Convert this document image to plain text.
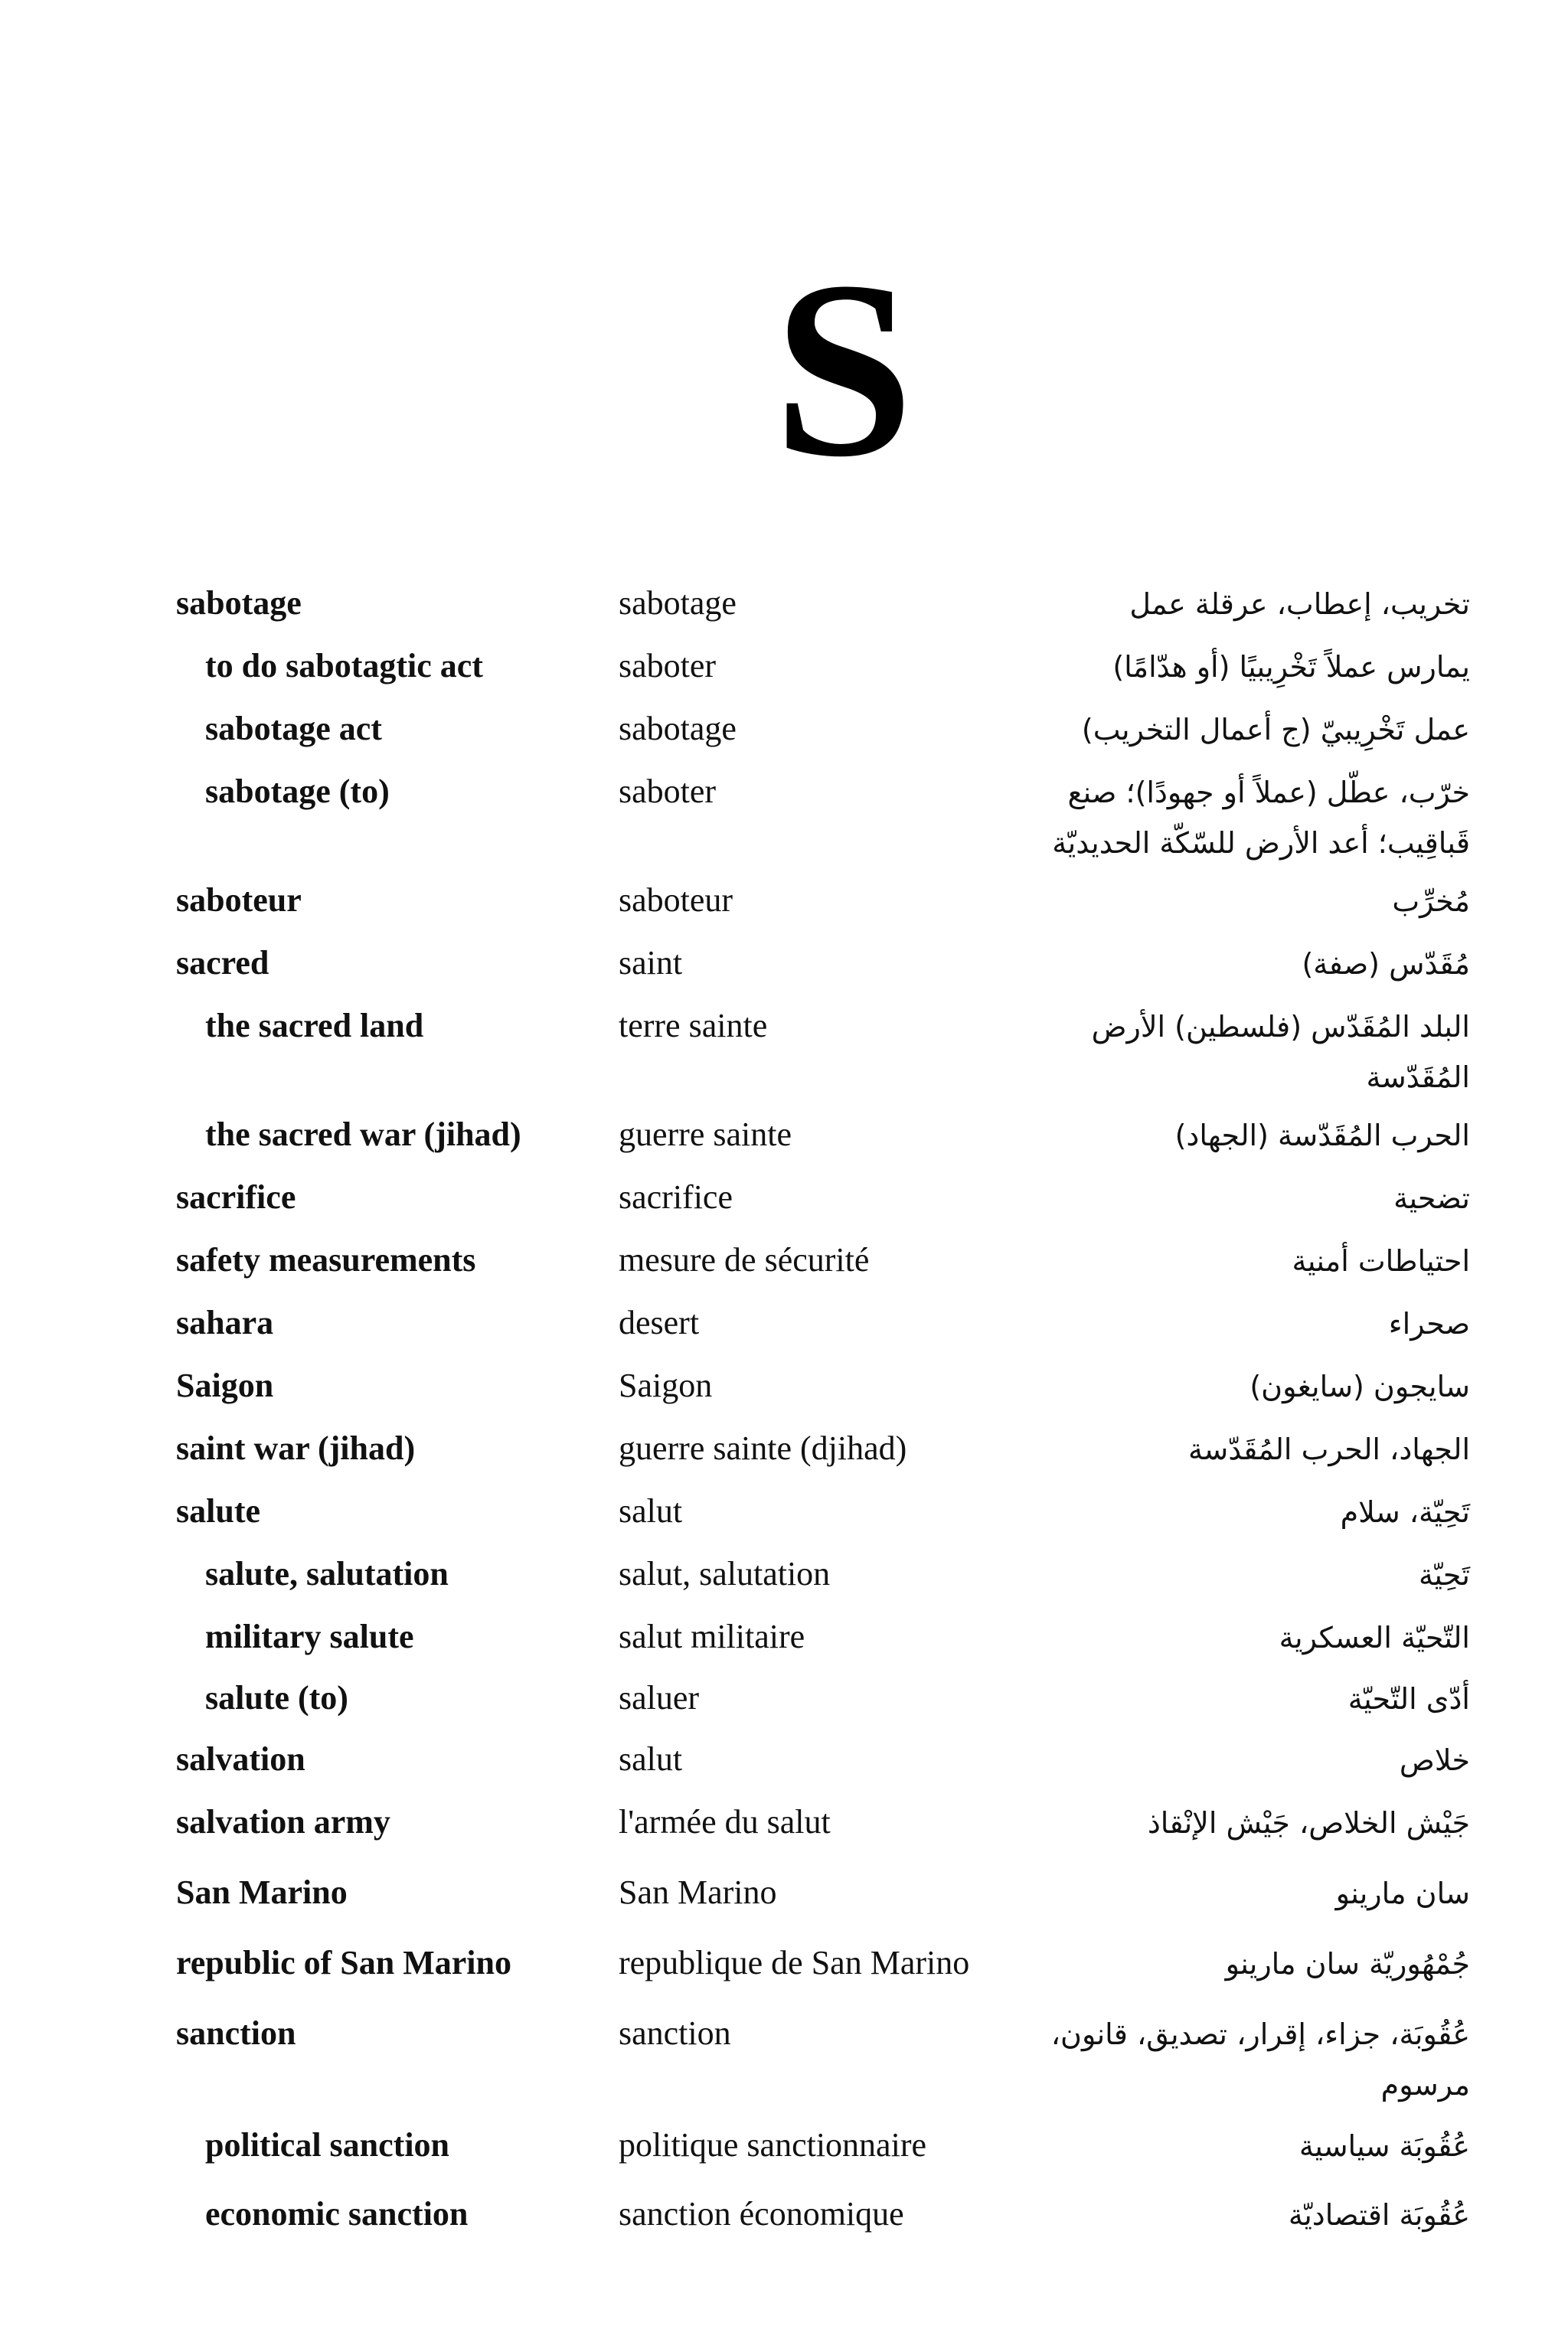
S
sabotage	sabotage	تخريب، إعطاب، عرقلة عمل
to do sabotagtic act	saboter	يمارس عملاً تَخْرِيبيًا (أو هدّامًا)
sabotage act	sabotage	عمل تَخْرِيبيّ (ج أعمال التخريب)
sabotage (to)	saboter	خرّب، عطّل (عملاً أو جهودًا)؛ صنع قَباقِيب؛ أعد الأرض للسّكّة الحديديّة
saboteur	saboteur	مُخرِّب
sacred	saint	مُقَدّس (صفة)
the sacred land	terre sainte	البلد المُقَدّس (فلسطين) الأرض المُقَدّسة
the sacred war (jihad)	guerre sainte	الحرب المُقَدّسة (الجهاد)
sacrifice	sacrifice	تضحية
safety measurements	mesure de sécurité	احتياطات أمنية
sahara	desert	صحراء
Saigon	Saigon	سايجون (سايغون)
saint war (jihad)	guerre sainte (djihad)	الجهاد، الحرب المُقَدّسة
salute	salut	تَحِيّة، سلام
salute, salutation	salut, salutation	تَحِيّة
military salute	salut militaire	التّحيّة العسكرية
salute (to)	saluer	أدّى التّحيّة
salvation	salut	خلاص
salvation army	l'armée du salut	جَيْش الخلاص، جَيْش الإنْقاذ
San Marino	San Marino	سان مارينو
republic of San Marino	republique de San Marino	جُمْهُوريّة سان مارينو
sanction	sanction	عُقُوبَة، جزاء، إقرار، تصديق، قانون، مرسوم
political sanction	politique sanctionnaire	عُقُوبَة سياسية
economic sanction	sanction économique	عُقُوبَة اقتصاديّة
